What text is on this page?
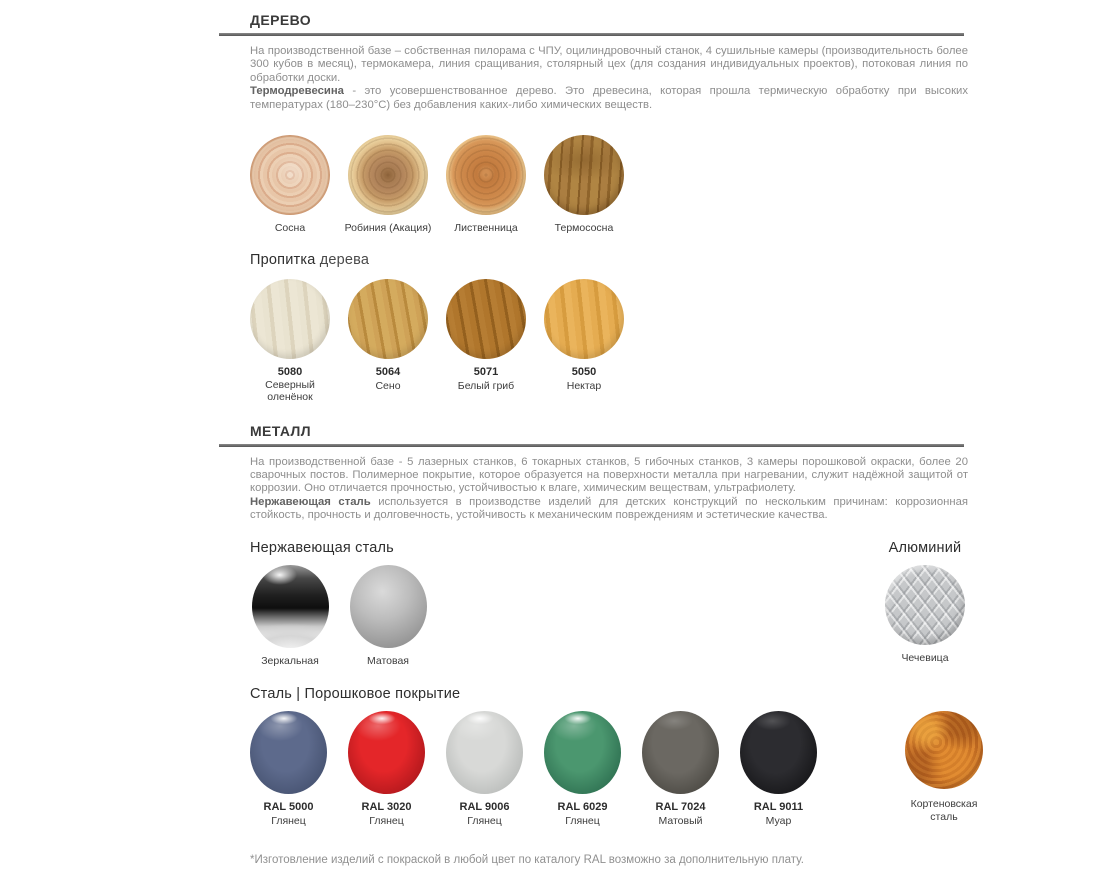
ДЕРЕВО

На производственной базе – собственная пилорама с ЧПУ, оцилиндровочный станок, 4 сушильные камеры (производительность более 300 кубов в месяц), термокамера, линия сращивания, столярный цех (для создания индивидуальных проектов), потоковая линия по обработки доски.
Термодревесина - это усовершенствованное дерево. Это древесина, которая прошла термическую обработку при высоких температурах (180–230°С) без добавления каких-либо химических веществ.

Сосна	Робиния (Акация) Лиственница	Термососна
Пропитка дерева
5080
Северный оленёнок
5064
Сено
5071
Белый гриб
5050
Нектар
МЕТАЛЛ

На производственной базе - 5 лазерных станков, 6 токарных станков, 5 гибочных станков, 3 камеры порошковой окраски, более 20 сварочных постов. Полимерное покрытие, которое образуется на поверхности металла при нагревании, служит надёжной защитой от коррозии. Оно отличается прочностью, устойчивостью к влаге, химическим веществам, ультрафиолету.
Нержавеющая сталь используется в производстве изделий для детских конструкций по нескольким причинам: коррозионная стойкость, прочность и долговечность, устойчивость к механическим повреждениям и эстетические качества.

Нержавеющая сталь
Зеркальная	Матовая
Алюминий
Чечевица
Сталь | Порошковое покрытие
RAL 5000
Глянец
RAL 3020
Глянец
RAL 9006
Глянец
RAL 6029
Глянец
RAL 7024
Матовый
RAL 9011
Муар
Кортеновская сталь
*Изготовление изделий с покраской в любой цвет по каталогу RAL возможно за дополнительную плату.
